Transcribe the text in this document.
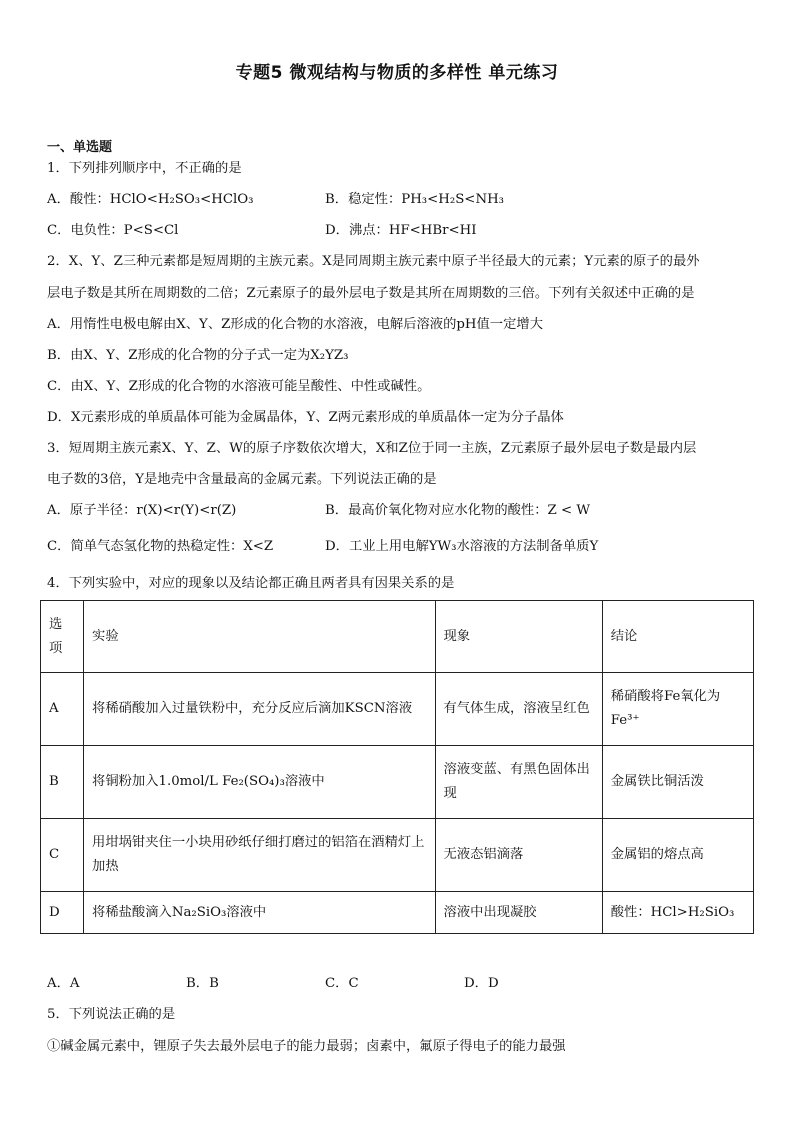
专题5 微观结构与物质的多样性 单元练习
一、单选题
1．下列排列顺序中，不正确的是
A．酸性：HClO<H₂SO₃<HClO₃	B．稳定性：PH₃<H₂S<NH₃
C．电负性：P<S<Cl	D．沸点：HF<HBr<HI
2．X、Y、Z三种元素都是短周期的主族元素。X是同周期主族元素中原子半径最大的元素；Y元素的原子的最外
层电子数是其所在周期数的二倍；Z元素原子的最外层电子数是其所在周期数的三倍。下列有关叙述中正确的是
A．用惰性电极电解由X、Y、Z形成的化合物的水溶液，电解后溶液的pH值一定增大
B．由X、Y、Z形成的化合物的分子式一定为X₂YZ₃
C．由X、Y、Z形成的化合物的水溶液可能呈酸性、中性或碱性。
D．X元素形成的单质晶体可能为金属晶体，Y、Z两元素形成的单质晶体一定为分子晶体
3．短周期主族元素X、Y、Z、W的原子序数依次增大，X和Z位于同一主族，Z元素原子最外层电子数是最内层
电子数的3倍，Y是地壳中含量最高的金属元素。下列说法正确的是
A．原子半径：r(X)<r(Y)<r(Z)	B．最高价氧化物对应水化物的酸性：Z < W
C．简单气态氢化物的热稳定性：X<Z	D．工业上用电解YW₃水溶液的方法制备单质Y
4．下列实验中，对应的现象以及结论都正确且两者具有因果关系的是
选项	实验	现象	结论
A	将稀硝酸加入过量铁粉中，充分反应后滴加KSCN溶液	有气体生成，溶液呈红色	稀硝酸将Fe氧化为Fe³⁺
B	将铜粉加入1.0mol/L Fe₂(SO₄)₃溶液中	溶液变蓝、有黑色固体出现	金属铁比铜活泼
C	用坩埚钳夹住一小块用砂纸仔细打磨过的铝箔在酒精灯上加热	无液态铝滴落	金属铝的熔点高
D	将稀盐酸滴入Na₂SiO₃溶液中	溶液中出现凝胶	酸性：HCl>H₂SiO₃
A．A	B．B	C．C	D．D
5．下列说法正确的是
①碱金属元素中，锂原子失去最外层电子的能力最弱；卤素中，氟原子得电子的能力最强
